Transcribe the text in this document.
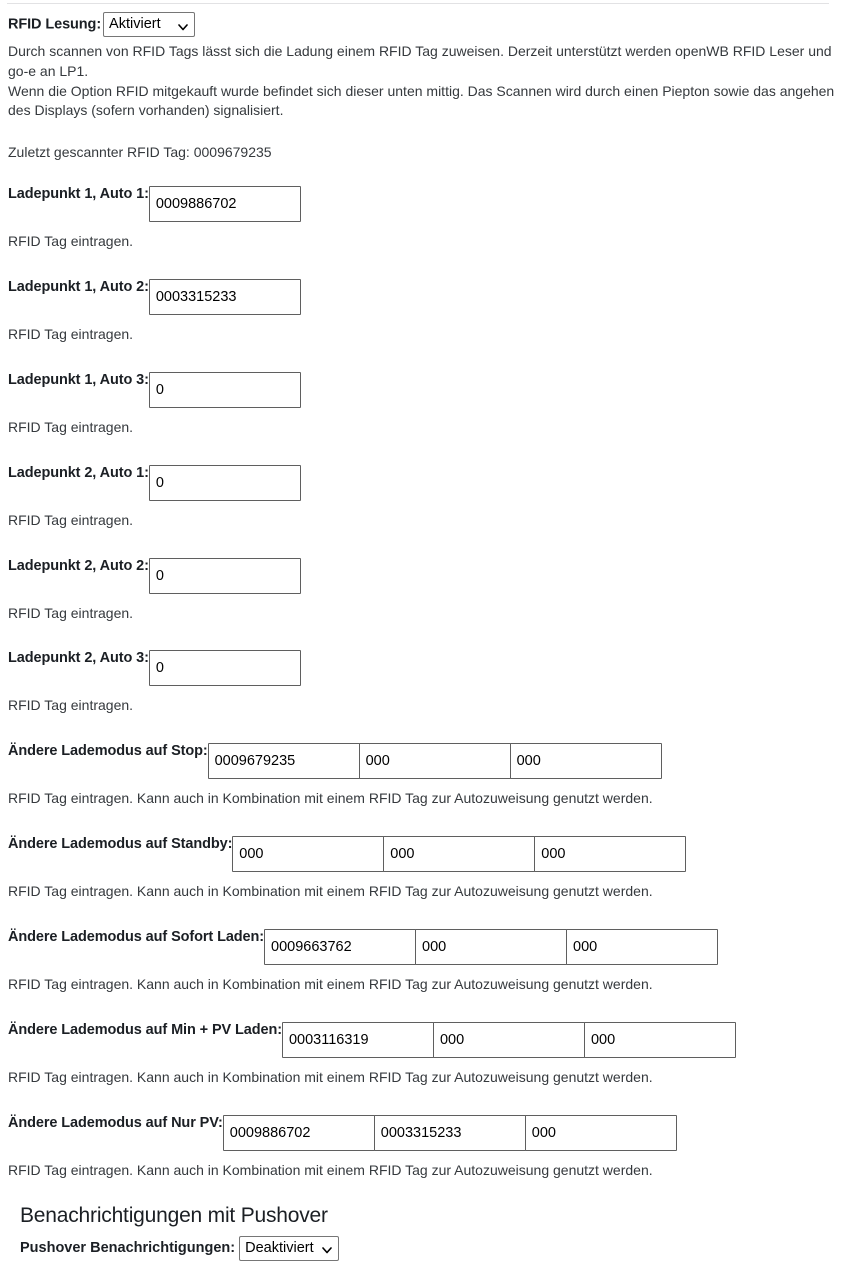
RFID Lesung: Aktiviert

Durch scannen von RFID Tags lässt sich die Ladung einem RFID Tag zuweisen. Derzeit unterstützt werden openWB RFID Leser und go-e an LP1.

Wenn die Option RFID mitgekauft wurde befindet sich dieser unten mittig. Das Scannen wird durch einen Piepton sowie das angehen des Displays (sofern vorhanden) signalisiert.

Zuletzt gescannter RFID Tag: 0009679235

Ladepunkt 1, Auto 1:0009886702
RFID Tag eintragen.
Ladepunkt 1, Auto 2:0003315233
RFID Tag eintragen.
Ladepunkt 1, Auto 3:0
RFID Tag eintragen.
Ladepunkt 2, Auto 1:0
RFID Tag eintragen.
Ladepunkt 2, Auto 2:0
RFID Tag eintragen.
Ladepunkt 2, Auto 3:0
RFID Tag eintragen.
Ändere Lademodus auf Stop:0009679235000000
RFID Tag eintragen. Kann auch in Kombination mit einem RFID Tag zur Autozuweisung genutzt werden.
Ändere Lademodus auf Standby:000000000
RFID Tag eintragen. Kann auch in Kombination mit einem RFID Tag zur Autozuweisung genutzt werden.
Ändere Lademodus auf Sofort Laden:0009663762000000
RFID Tag eintragen. Kann auch in Kombination mit einem RFID Tag zur Autozuweisung genutzt werden.
Ändere Lademodus auf Min + PV Laden:0003116319000000
RFID Tag eintragen. Kann auch in Kombination mit einem RFID Tag zur Autozuweisung genutzt werden.
Ändere Lademodus auf Nur PV:00098867020003315233000
RFID Tag eintragen. Kann auch in Kombination mit einem RFID Tag zur Autozuweisung genutzt werden.
Benachrichtigungen mit Pushover
Pushover Benachrichtigungen: Deaktiviert
